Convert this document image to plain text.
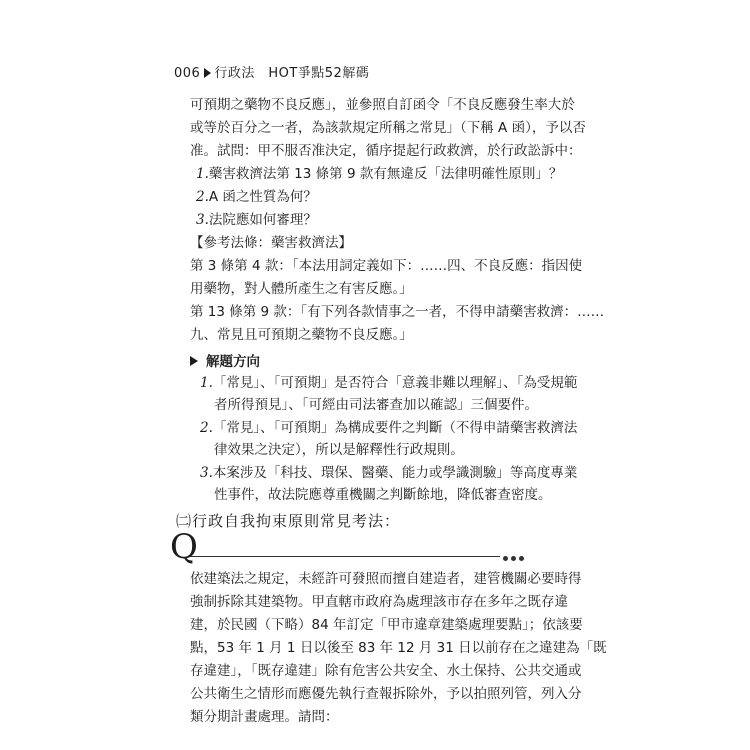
006 行政法　HOT爭點52解碼
可預期之藥物不良反應」，並參照自訂函令「不良反應發生率大於
或等於百分之一者，為該款規定所稱之常見」（下稱 A 函），予以否
准。試問：甲不服否准決定，循序提起行政救濟，於行政訟訴中：
1.藥害救濟法第 13 條第 9 款有無違反「法律明確性原則」？
2.A 函之性質為何？
3.法院應如何審理？
【參考法條：藥害救濟法】
第 3 條第 4 款：「本法用詞定義如下：……四、不良反應：指因使
用藥物，對人體所產生之有害反應。」
第 13 條第 9 款：「有下列各款情事之一者，不得申請藥害救濟：……
九、常見且可預期之藥物不良反應。」
解題方向
1.「常見」、「可預期」是否符合「意義非難以理解」、「為受規範
者所得預見」、「可經由司法審查加以確認」三個要件。
2.「常見」、「可預期」為構成要件之判斷（不得申請藥害救濟法
律效果之決定），所以是解釋性行政規則。
3.本案涉及「科技、環保、醫藥、能力或學識測驗」等高度專業
性事件，故法院應尊重機關之判斷餘地，降低審查密度。
㈡行政自我拘束原則常見考法：
Q
依建築法之規定，未經許可發照而擅自建造者，建管機關必要時得
強制拆除其建築物。甲直轄市政府為處理該市存在多年之既存違
建，於民國（下略）84 年訂定「甲市違章建築處理要點」；依該要
點，53 年 1 月 1 日以後至 83 年 12 月 31 日以前存在之違建為「既
存違建」，「既存違建」除有危害公共安全、水土保持、公共交通或
公共衛生之情形而應優先執行查報拆除外，予以拍照列管，列入分
類分期計畫處理。請問：
